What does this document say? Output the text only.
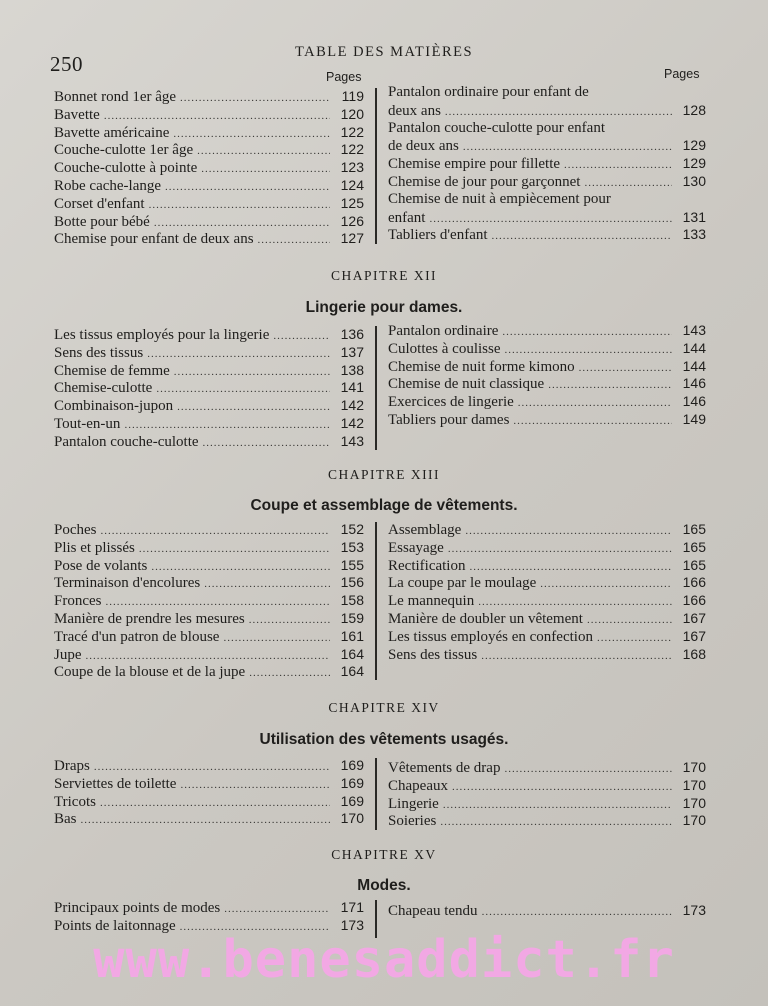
250	TABLE DES MATIÈRES
Pages	Pages
Bonnet rond 1er âge .....	119
Bavette .....	120
Bavette américaine .....	122
Couche-culotte 1er âge .....	122
Couche-culotte à pointe .....	123
Robe cache-lange .....	124
Corset d'enfant .....	125
Botte pour bébé .....	126
Chemise pour enfant de deux ans .....	127
Pantalon ordinaire pour enfant de
deux ans .....	128
Pantalon couche-culotte pour enfant
de deux ans .....	129
Chemise empire pour fillette .....	129
Chemise de jour pour garçonnet .....	130
Chemise de nuit à empiècement pour
enfant .....	131
Tabliers d'enfant .....	133
CHAPITRE XII
Lingerie pour dames.
Les tissus employés pour la lingerie .....	136
Sens des tissus .....	137
Chemise de femme .....	138
Chemise-culotte .....	141
Combinaison-jupon .....	142
Tout-en-un .....	142
Pantalon couche-culotte .....	143
Pantalon ordinaire .....	143
Culottes à coulisse .....	144
Chemise de nuit forme kimono .....	144
Chemise de nuit classique .....	146
Exercices de lingerie .....	146
Tabliers pour dames .....	149
CHAPITRE XIII
Coupe et assemblage de vêtements.
Poches .....	152
Plis et plissés .....	153
Pose de volants .....	155
Terminaison d'encolures .....	156
Fronces .....	158
Manière de prendre les mesures .....	159
Tracé d'un patron de blouse .....	161
Jupe .....	164
Coupe de la blouse et de la jupe .....	164
Assemblage .....	165
Essayage .....	165
Rectification .....	165
La coupe par le moulage .....	166
Le mannequin .....	166
Manière de doubler un vêtement .....	167
Les tissus employés en confection .....	167
Sens des tissus .....	168
CHAPITRE XIV
Utilisation des vêtements usagés.
Draps .....	169
Serviettes de toilette .....	169
Tricots .....	169
Bas .....	170
Vêtements de drap .....	170
Chapeaux .....	170
Lingerie .....	170
Soieries .....	170
CHAPITRE XV
Modes.
Principaux points de modes .....	171
Points de laitonnage .....	173
Chapeau tendu .....	173
www.benesaddict.fr
